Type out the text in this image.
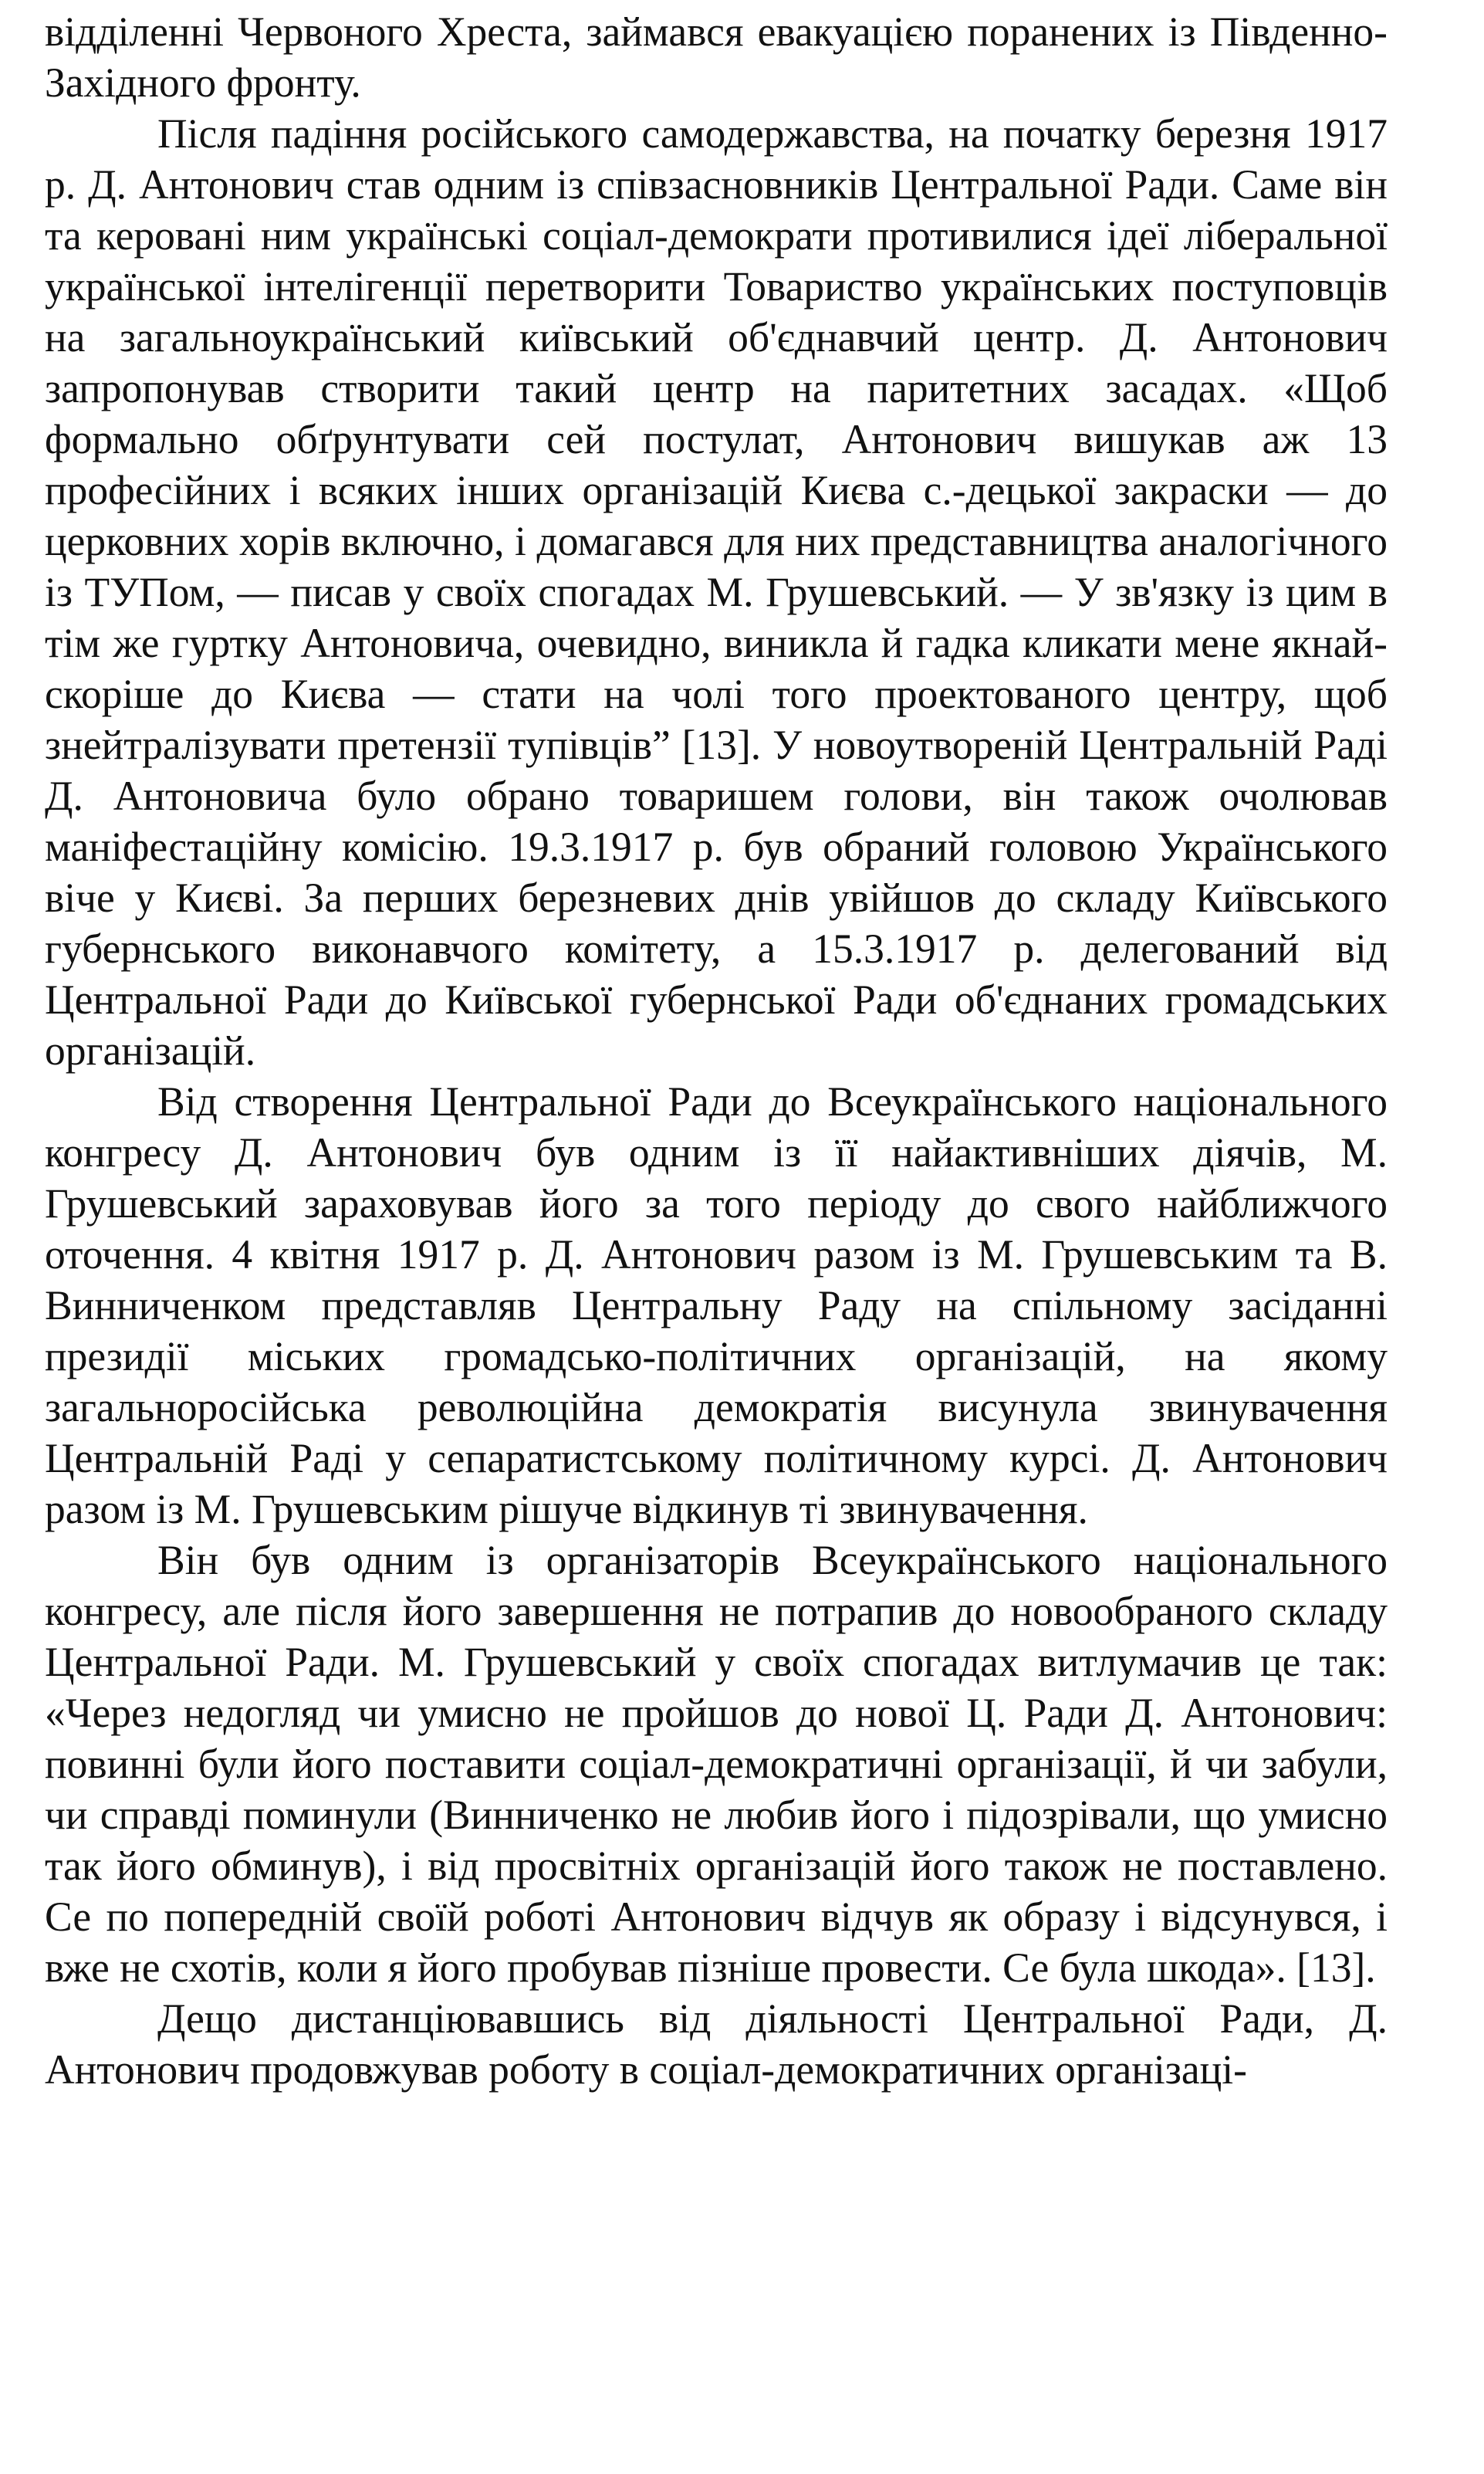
відділенні Червоного Хреста, займався евакуацією поранених із Південно-Західного фронту.

Після падіння російського самодержавства, на початку березня 1917 р. Д. Антонович став одним із співзасновників Центральної Ради. Саме він та керовані ним українські соціал-демократи противилися ідеї ліберальної української інтелігенції перетворити Товариство українських поступовців на загальноукраїнський київський об'єднавчий центр. Д. Антонович запропонував створити такий центр на паритетних засадах. «Щоб формально обґрунтувати сей постулат, Антонович вишукав аж 13 професійних і всяких інших організацій Києва с.-децької закраски — до церковних хорів включно, і домагався для них представництва аналогічного із ТУПом, — писав у своїх спогадах М. Грушевський. — У зв'язку із цим в тім же гуртку Антоновича, очевидно, виникла й гадка кликати мене якнайскоріше до Києва — стати на чолі того проектованого центру, щоб знейтралізувати претензії тупівців” [13]. У новоутвореній Центральній Раді Д. Антоновича було обрано товаришем голови, він також очолював маніфестаційну комісію. 19.3.1917 р. був обраний головою Українського віче у Києві. За перших березневих днів увійшов до складу Київського губернського виконавчого комітету, а 15.3.1917 р. делегований від Центральної Ради до Київської губернської Ради об'єднаних громадських організацій.

Від створення Центральної Ради до Всеукраїнського національного конгресу Д. Антонович був одним із її найактивніших діячів, М. Грушевський зараховував його за того періоду до свого найближчого оточення. 4 квітня 1917 р. Д. Антонович разом із М. Грушевським та В. Винниченком представляв Центральну Раду на спільному засіданні президії міських громадсько-політичних організацій, на якому загальноросійська революційна демократія висунула звинувачення Центральній Раді у сепаратистському політичному курсі. Д. Антонович разом із М. Грушевським рішуче відкинув ті звинувачення.

Він був одним із організаторів Всеукраїнського національного конгресу, але після його завершення не потрапив до новообраного складу Центральної Ради. М. Грушевський у своїх спогадах витлумачив це так: «Через недогляд чи умисно не пройшов до нової Ц. Ради Д. Антонович: повинні були його поставити соціал-демократичні організації, й чи забули, чи справді поминули (Винниченко не любив його і підозрівали, що умисно так його обминув), і від просвітніх організацій його також не поставлено. Се по попередній своїй роботі Антонович відчув як образу і відсунувся, і вже не схотів, коли я його пробував пізніше провести. Се була шкода». [13].

Дещо дистанціювавшись від діяльності Центральної Ради, Д. Антонович продовжував роботу в соціал-демократичних організаці-
